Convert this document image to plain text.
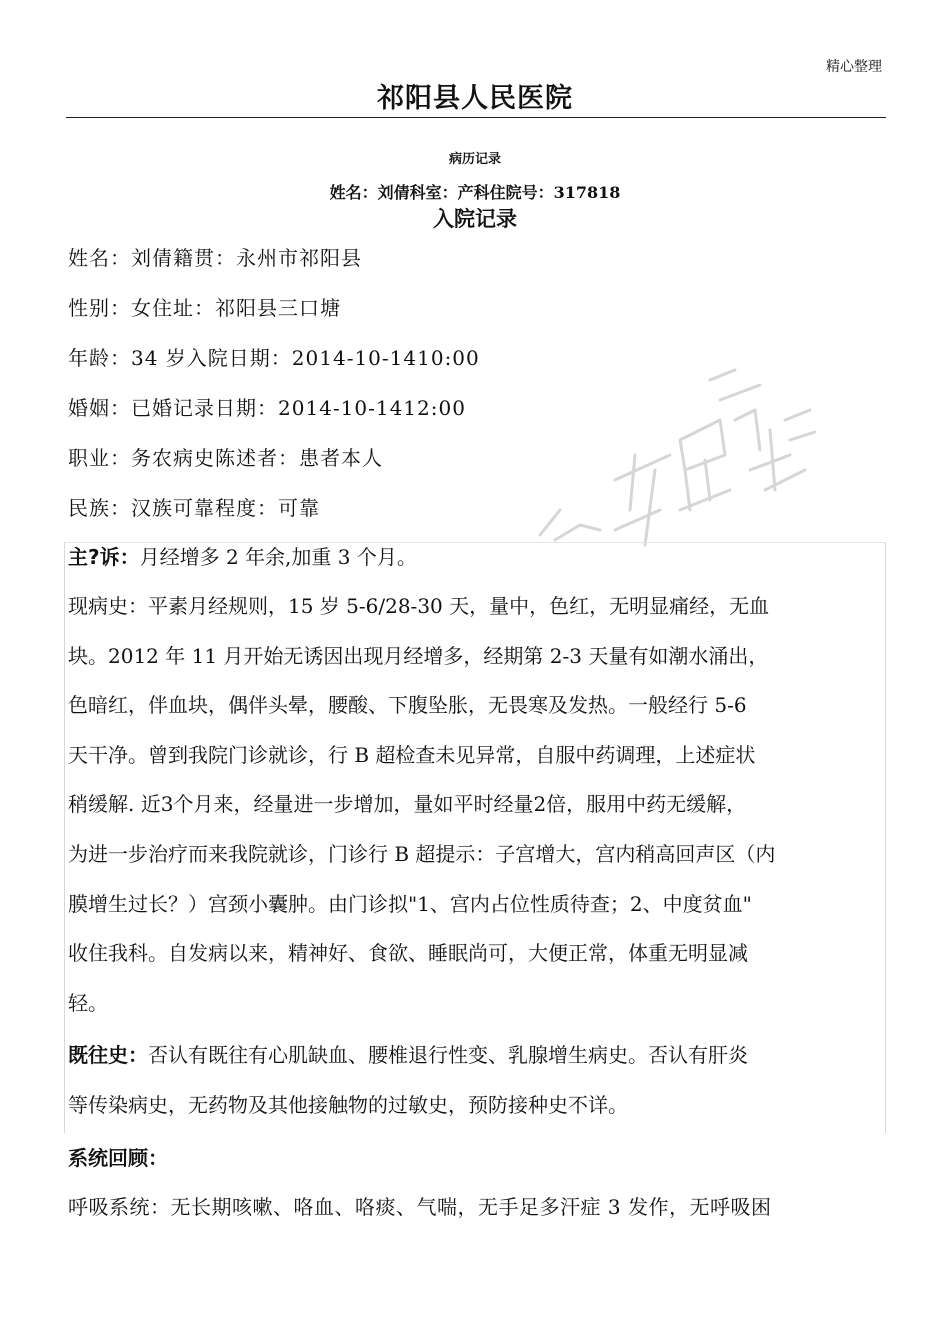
精心整理
祁阳县人民医院
病历记录
姓名：刘倩科室：产科住院号：317818
入院记录
姓名：刘倩籍贯：永州市祁阳县
性别：女住址：祁阳县三口塘
年龄：34 岁入院日期：2014-10-1410:00
婚姻：已婚记录日期：2014-10-1412:00
职业：务农病史陈述者：患者本人
民族：汉族可靠程度：可靠
主?诉：月经增多 2 年余,加重 3 个月。
现病史：平素月经规则，15 岁 5-6/28-30 天，量中，色红，无明显痛经，无血
块。2012 年 11 月开始无诱因出现月经增多，经期第 2-3 天量有如潮水涌出，
色暗红，伴血块，偶伴头晕，腰酸、下腹坠胀，无畏寒及发热。一般经行 5-6
天干净。曾到我院门诊就诊，行 B 超检查未见异常，自服中药调理，上述症状
稍缓解. 近3个月来，经量进一步增加，量如平时经量2倍，服用中药无缓解，
为进一步治疗而来我院就诊，门诊行 B 超提示：子宫增大，宫内稍高回声区（内
膜增生过长？）宫颈小囊肿。由门诊拟"1、宫内占位性质待查；2、中度贫血"
收住我科。自发病以来，精神好、食欲、睡眠尚可，大便正常，体重无明显减
轻。
既往史：否认有既往有心肌缺血、腰椎退行性变、乳腺增生病史。否认有肝炎
等传染病史，无药物及其他接触物的过敏史，预防接种史不详。
系统回顾：
呼吸系统：无长期咳嗽、咯血、咯痰、气喘，无手足多汗症 3 发作，无呼吸困
